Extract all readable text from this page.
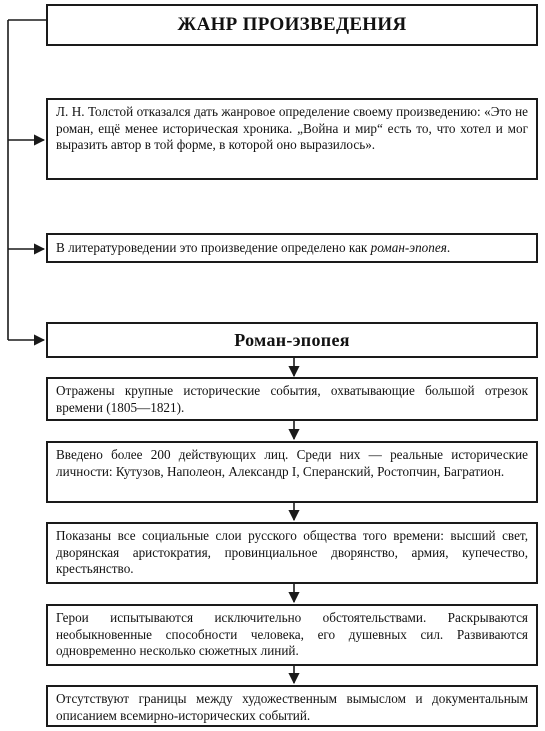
ЖАНР ПРОИЗВЕДЕНИЯ
Л. Н. Толстой отказался дать жанровое определение своему произведению: «Это не роман, ещё менее историческая хроника. „Война и мир“ есть то, что хотел и мог выразить автор в той форме, в которой оно выразилось».
В литературоведении это произведение определено как роман-эпопея.
Роман-эпопея
Отражены крупные исторические события, охватывающие большой отрезок времени (1805—1821).
Введено более 200 действующих лиц. Среди них — реальные исторические личности: Кутузов, Наполеон, Александр I, Сперанский, Ростопчин, Багратион.
Показаны все социальные слои русского общества того времени: высший свет, дворянская аристократия, провинциальное дворянство, армия, купечество, крестьянство.
Герои испытываются исключительно обстоятельствами. Раскрываются необыкновенные способности человека, его душевных сил. Развиваются одновременно несколько сюжетных линий.
Отсутствуют границы между художественным вымыслом и документальным описанием всемирно-исторических событий.
